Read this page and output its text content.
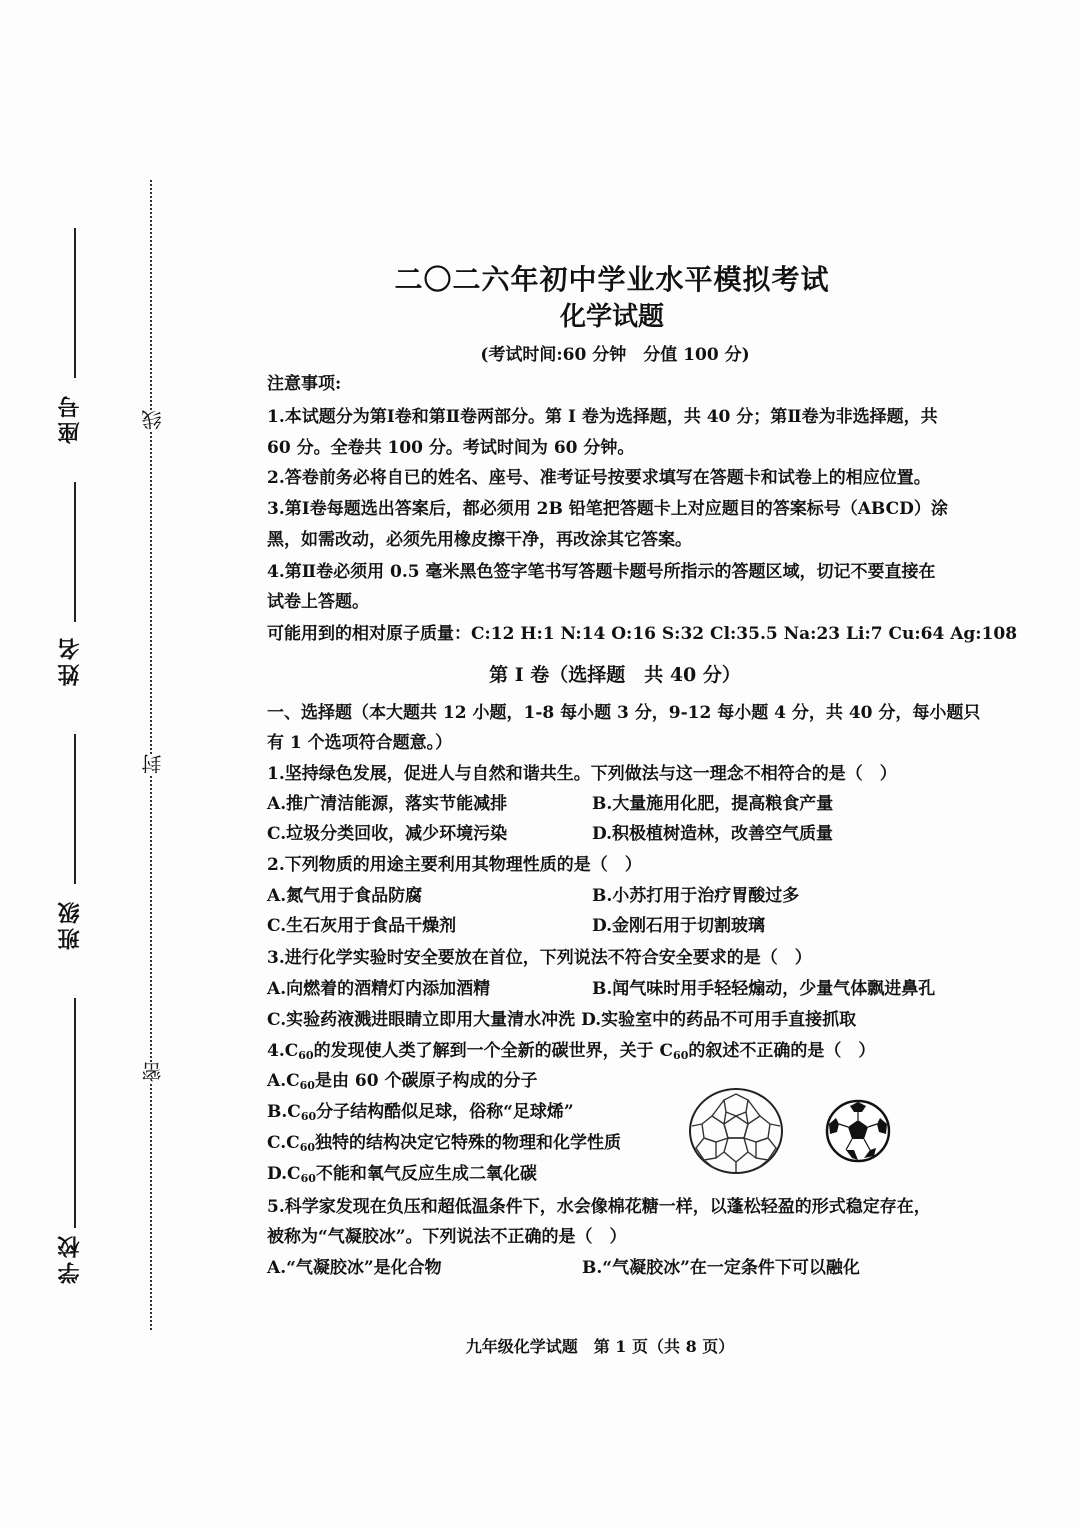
座号
姓名
班级
学校
线
封
密
二〇二六年初中学业水平模拟考试
化学试题
(考试时间:60 分钟　分值 100 分)
注意事项:
1.本试题分为第Ⅰ卷和第Ⅱ卷两部分。第 I 卷为选择题，共 40 分；第Ⅱ卷为非选择题，共
60 分。全卷共 100 分。考试时间为 60 分钟。
2.答卷前务必将自已的姓名、座号、准考证号按要求填写在答题卡和试卷上的相应位置。
3.第Ⅰ卷每题选出答案后，都必须用 2B 铅笔把答题卡上对应题目的答案标号（ABCD）涂
黑，如需改动，必须先用橡皮擦干净，再改涂其它答案。
4.第Ⅱ卷必须用 0.5 毫米黑色签字笔书写答题卡题号所指示的答题区域，切记不要直接在
试卷上答题。
可能用到的相对原子质量：C:12 H:1 N:14 O:16 S:32 Cl:35.5 Na:23 Li:7 Cu:64 Ag:108
第 I 卷（选择题　共 40 分）
一、选择题（本大题共 12 小题，1-8 每小题 3 分，9-12 每小题 4 分，共 40 分，每小题只
有 1 个选项符合题意。）
1.坚持绿色发展，促进人与自然和谐共生。下列做法与这一理念不相符合的是（　）
A.推广清洁能源，落实节能减排	B.大量施用化肥，提高粮食产量
C.垃圾分类回收，减少环境污染	D.积极植树造林，改善空气质量
2.下列物质的用途主要利用其物理性质的是（　）
A.氮气用于食品防腐	B.小苏打用于治疗胃酸过多
C.生石灰用于食品干燥剂	D.金刚石用于切割玻璃
3.进行化学实验时安全要放在首位，下列说法不符合安全要求的是（　）
A.向燃着的酒精灯内添加酒精	B.闻气味时用手轻轻煽动，少量气体飘进鼻孔
C.实验药液溅进眼睛立即用大量清水冲洗 D.实验室中的药品不可用手直接抓取
$4.C_{60}$的发现使人类了解到一个全新的碳世界，关于 $C_{60}$的叙述不正确的是（　）
$A.C_{60}$是由 60 个碳原子构成的分子
$B.C_{60}$分子结构酷似足球，俗称“足球烯”
$C.C_{60}$独特的结构决定它特殊的物理和化学性质
$D.C_{60}$不能和氧气反应生成二氧化碳
5.科学家发现在负压和超低温条件下，水会像棉花糖一样，以蓬松轻盈的形式稳定存在，
被称为“气凝胶冰”。下列说法不正确的是（　）
A.“气凝胶冰”是化合物	B.“气凝胶冰”在一定条件下可以融化
九年级化学试题　第 1 页（共 8 页）
